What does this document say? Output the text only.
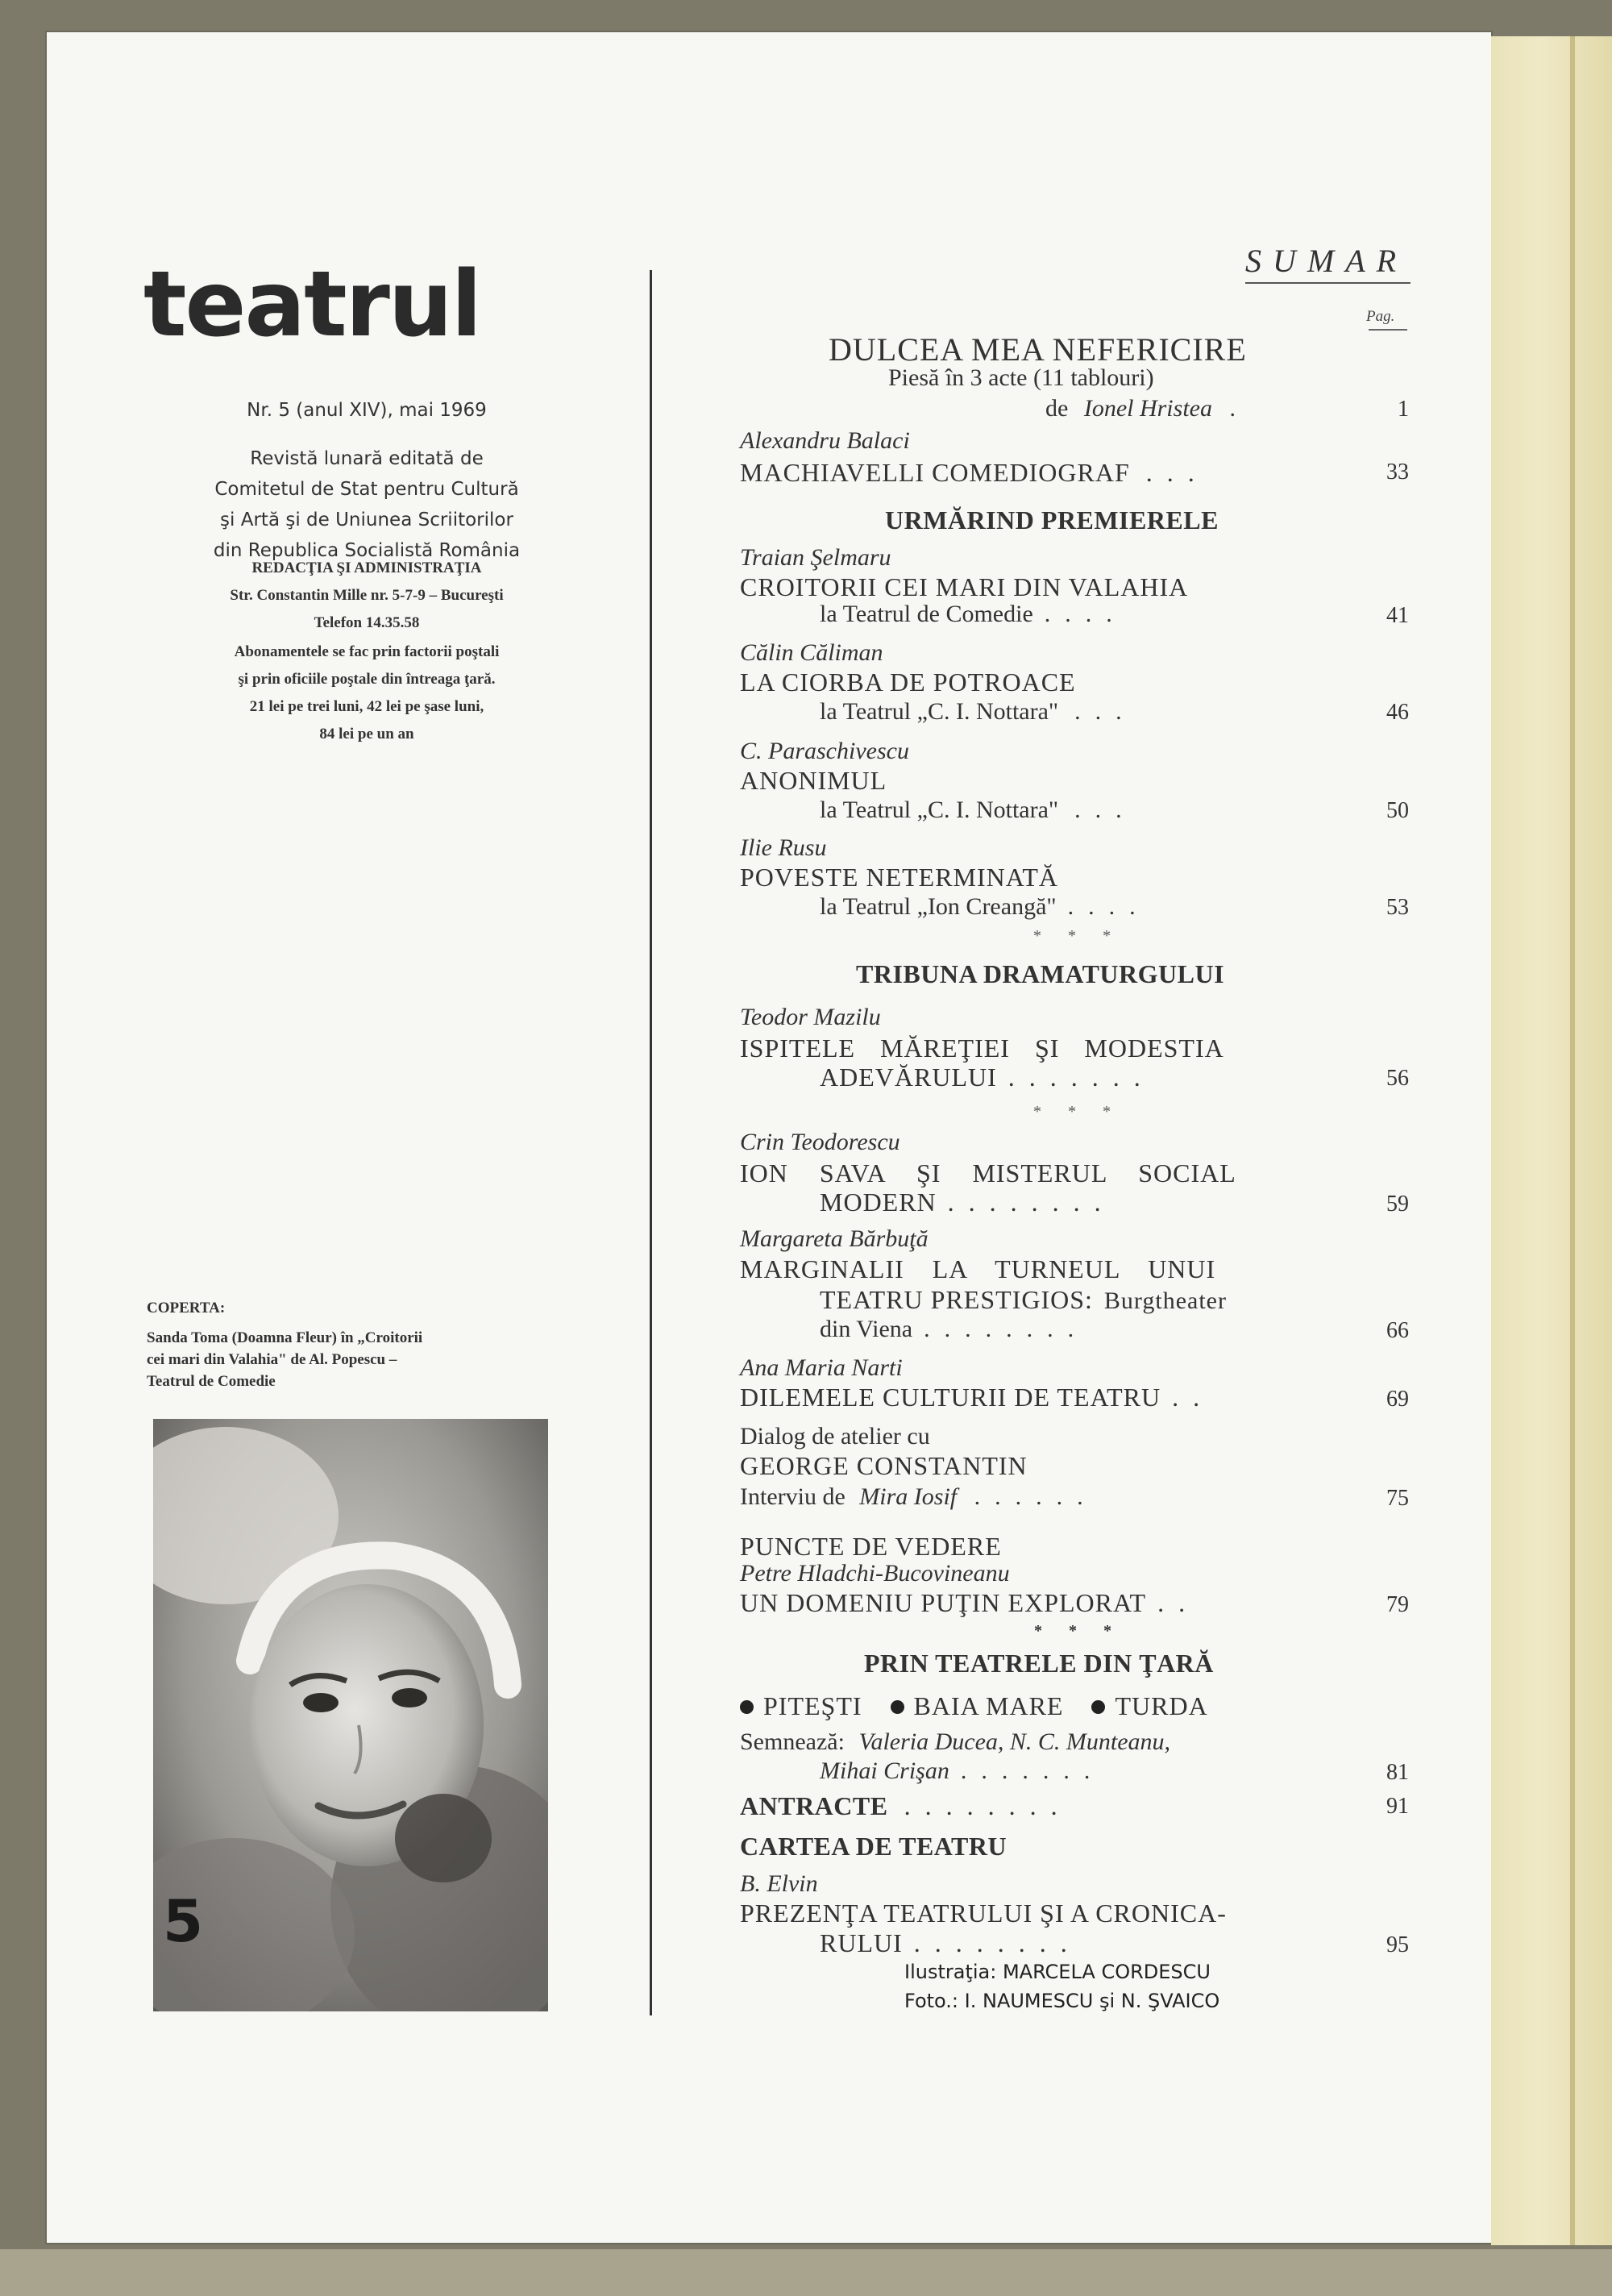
teatrul
Nr. 5 (anul XIV), mai 1969
Revistă lunară editată de
Comitetul de Stat pentru Cultură
şi Artă şi de Uniunea Scriitorilor
din Republica Socialistă România
REDACŢIA ŞI ADMINISTRAŢIA
Str. Constantin Mille nr. 5-7-9 – Bucureşti
Telefon 14.35.58
Abonamentele se fac prin factorii poştali
şi prin oficiile poştale din întreaga ţară.
21 lei pe trei luni, 42 lei pe şase luni,
84 lei pe un an
COPERTA:
Sanda Toma (Doamna Fleur) în „Croitorii
cei mari din Valahia" de Al. Popescu –
Teatrul de Comedie
5
SUMAR
Pag.
DULCEA MEA NEFERICIRE
Piesă în 3 acte (11 tablouri)
de Ionel Hristea .	1
Alexandru Balaci
MACHIAVELLI COMEDIOGRAF ...	33
URMĂRIND PREMIERELE
Traian Şelmaru
CROITORII CEI MARI DIN VALAHIA
la Teatrul de Comedie ....	41
Călin Căliman
LA CIORBA DE POTROACE
la Teatrul „C. I. Nottara" ...	46
C. Paraschivescu
ANONIMUL
la Teatrul „C. I. Nottara" ...	50
Ilie Rusu
POVESTE NETERMINATĂ
la Teatrul „Ion Creangă" ....	53
* * *
TRIBUNA DRAMATURGULUI
Teodor Mazilu
ISPITELE MĂREŢIEI ŞI MODESTIA
ADEVĂRULUI .......	56
* * *
Crin Teodorescu
ION SAVA ŞI MISTERUL SOCIAL
MODERN ........	59
Margareta Bărbuţă
MARGINALII LA TURNEUL UNUI
TEATRU PRESTIGIOS: Burgtheater
din Viena ........	66
Ana Maria Narti
DILEMELE CULTURII DE TEATRU ..	69
Dialog de atelier cu
GEORGE CONSTANTIN
Interviu de Mira Iosif ......	75
PUNCTE DE VEDERE
Petre Hladchi-Bucovineanu
UN DOMENIU PUŢIN EXPLORAT ..	79
* * *
PRIN TEATRELE DIN ŢARĂ
PITEŞTI BAIA MARE TURDA
Semnează: Valeria Ducea, N. C. Munteanu,
Mihai Crişan .......	81
ANTRACTE ........	91
CARTEA DE TEATRU
B. Elvin
PREZENŢA TEATRULUI ŞI A CRONICA-
RULUI ........	95
Ilustraţia: MARCELA CORDESCU
Foto.: I. NAUMESCU şi N. ŞVAICO
